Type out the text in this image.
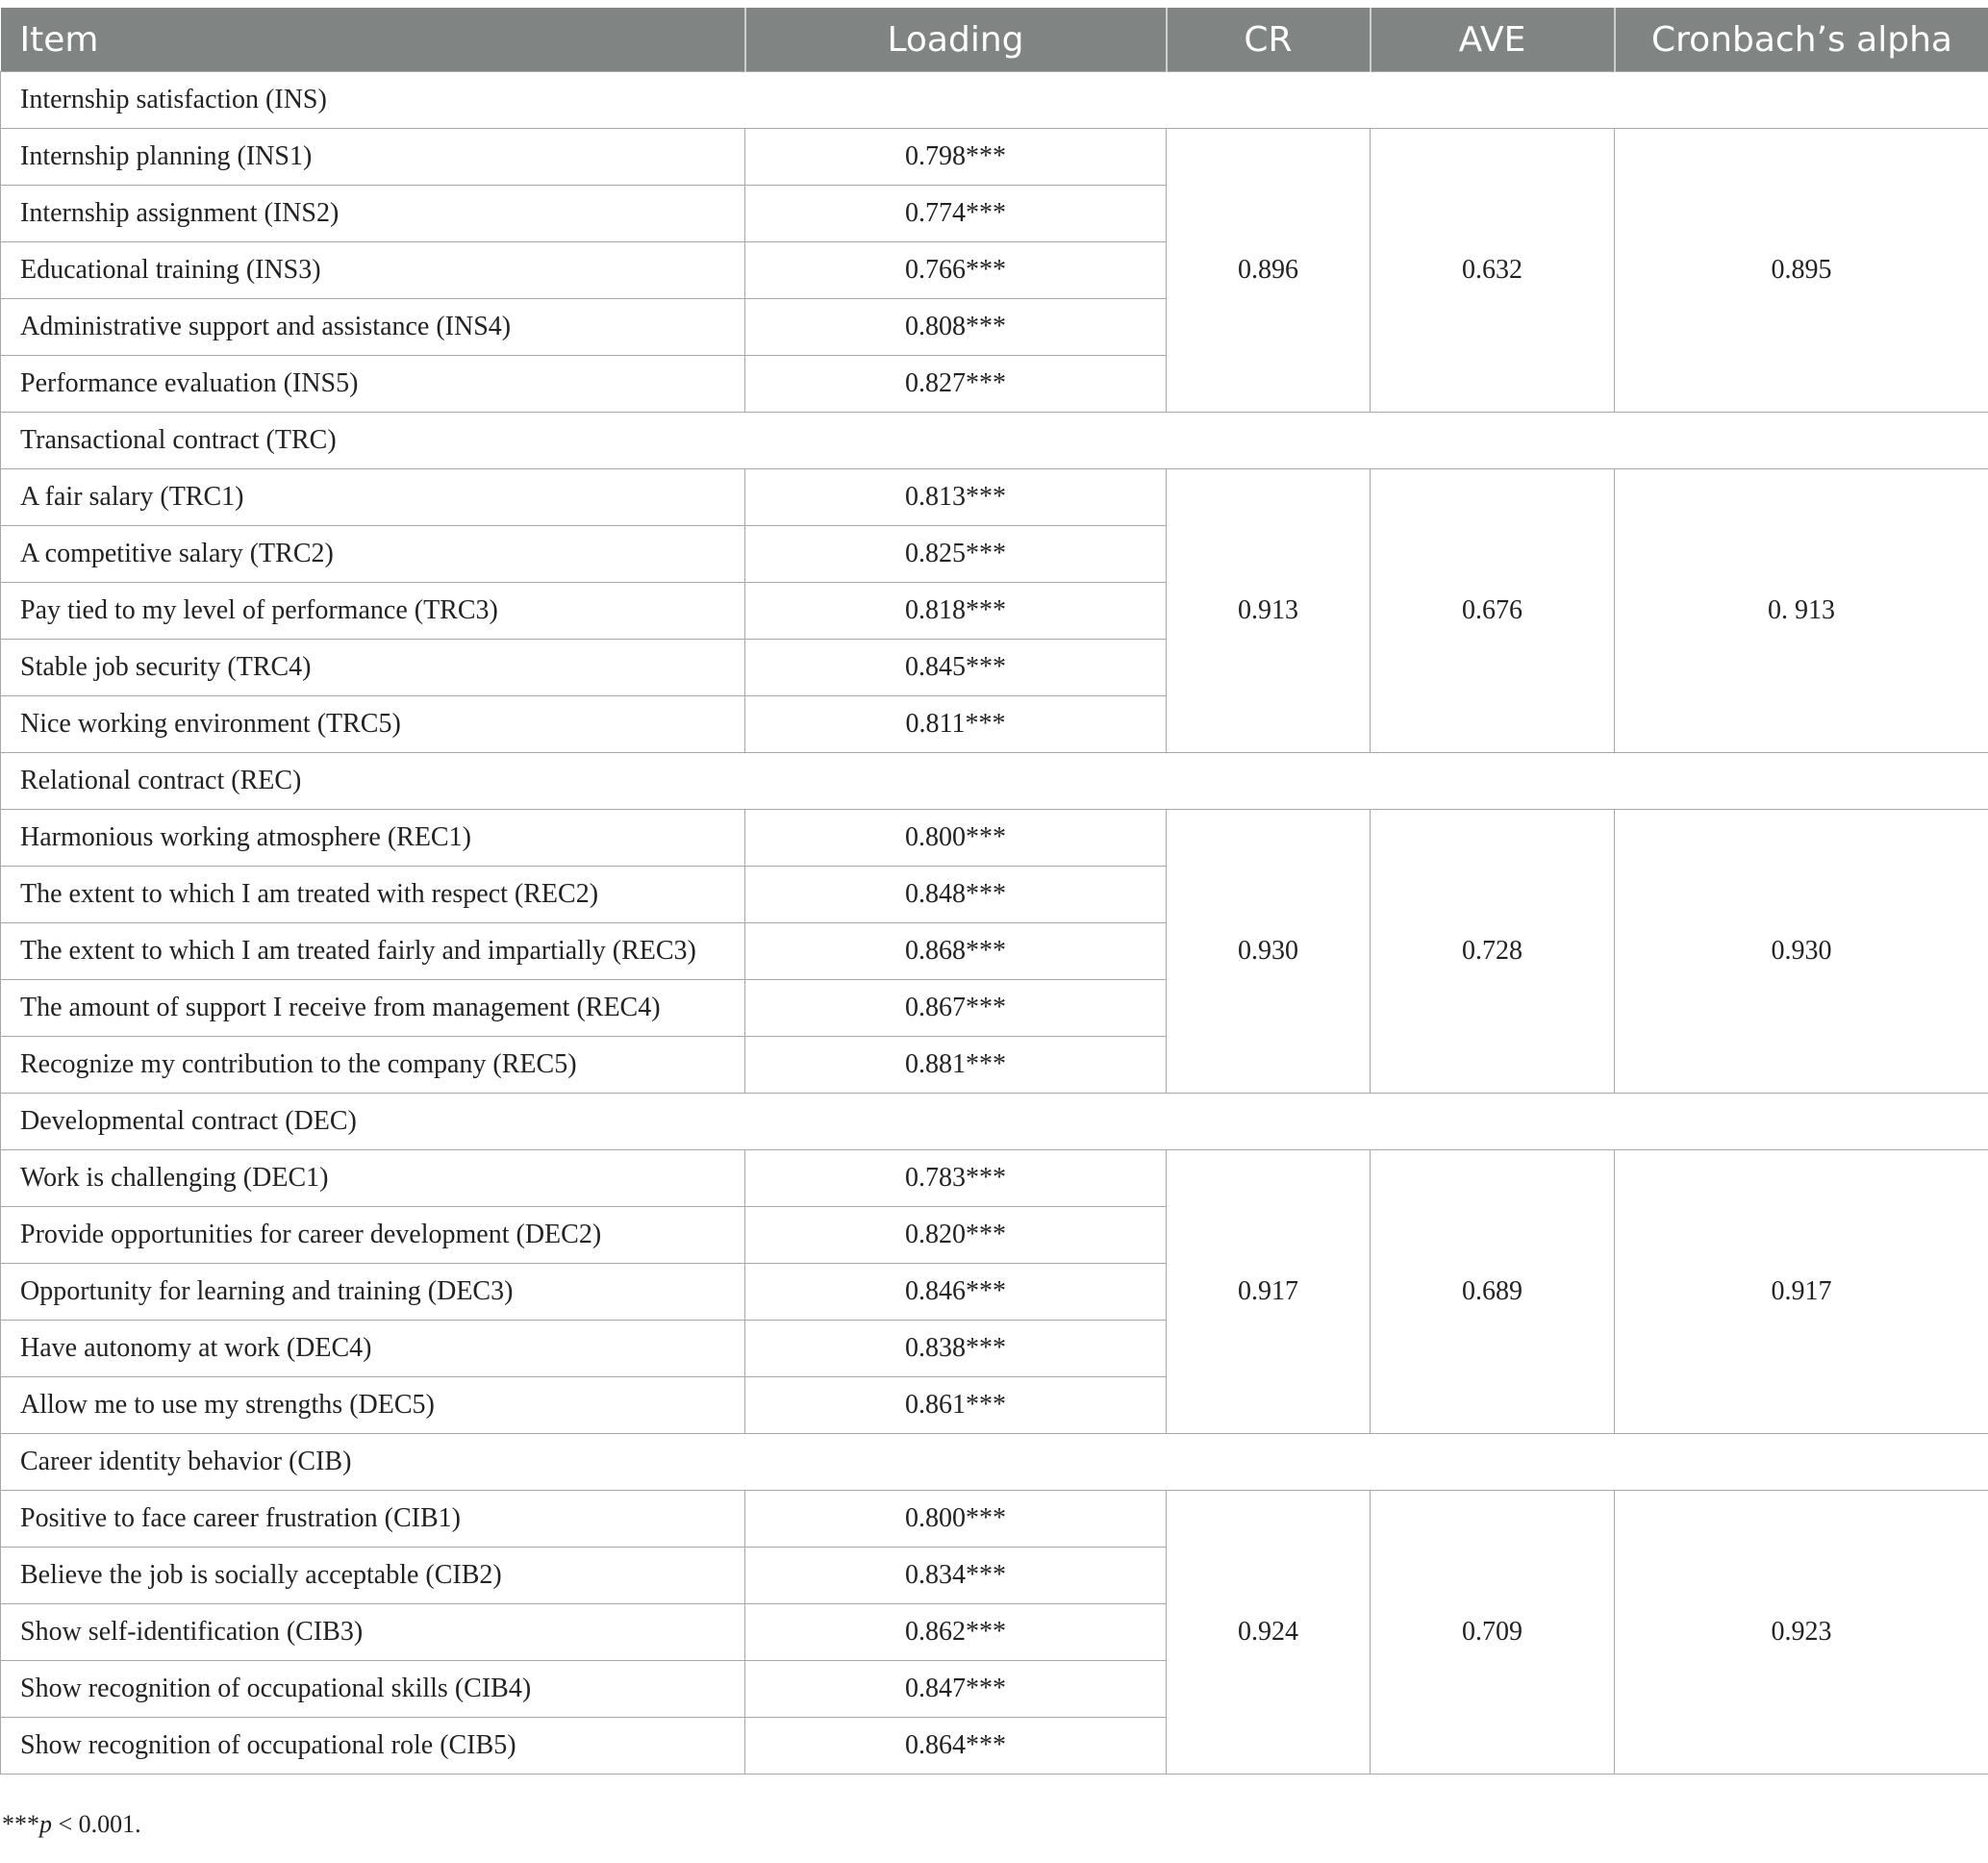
Item	Loading	CR	AVE	Cronbach’s alpha
Internship satisfaction (INS)				
Internship planning (INS1)	0.798***	0.896	0.632	0.895
Internship assignment (INS2)	0.774***			
Educational training (INS3)	0.766***			
Administrative support and assistance (INS4)	0.808***			
Performance evaluation (INS5)	0.827***			
Transactional contract (TRC)				
A fair salary (TRC1)	0.813***	0.913	0.676	0. 913
A competitive salary (TRC2)	0.825***			
Pay tied to my level of performance (TRC3)	0.818***			
Stable job security (TRC4)	0.845***			
Nice working environment (TRC5)	0.811***			
Relational contract (REC)				
Harmonious working atmosphere (REC1)	0.800***	0.930	0.728	0.930
The extent to which I am treated with respect (REC2)	0.848***			
The extent to which I am treated fairly and impartially (REC3)	0.868***			
The amount of support I receive from management (REC4)	0.867***			
Recognize my contribution to the company (REC5)	0.881***			
Developmental contract (DEC)				
Work is challenging (DEC1)	0.783***	0.917	0.689	0.917
Provide opportunities for career development (DEC2)	0.820***			
Opportunity for learning and training (DEC3)	0.846***			
Have autonomy at work (DEC4)	0.838***			
Allow me to use my strengths (DEC5)	0.861***			
Career identity behavior (CIB)				
Positive to face career frustration (CIB1)	0.800***	0.924	0.709	0.923
Believe the job is socially acceptable (CIB2)	0.834***			
Show self-identification (CIB3)	0.862***			
Show recognition of occupational skills (CIB4)	0.847***			
Show recognition of occupational role (CIB5)	0.864***			
***p < 0.001.
